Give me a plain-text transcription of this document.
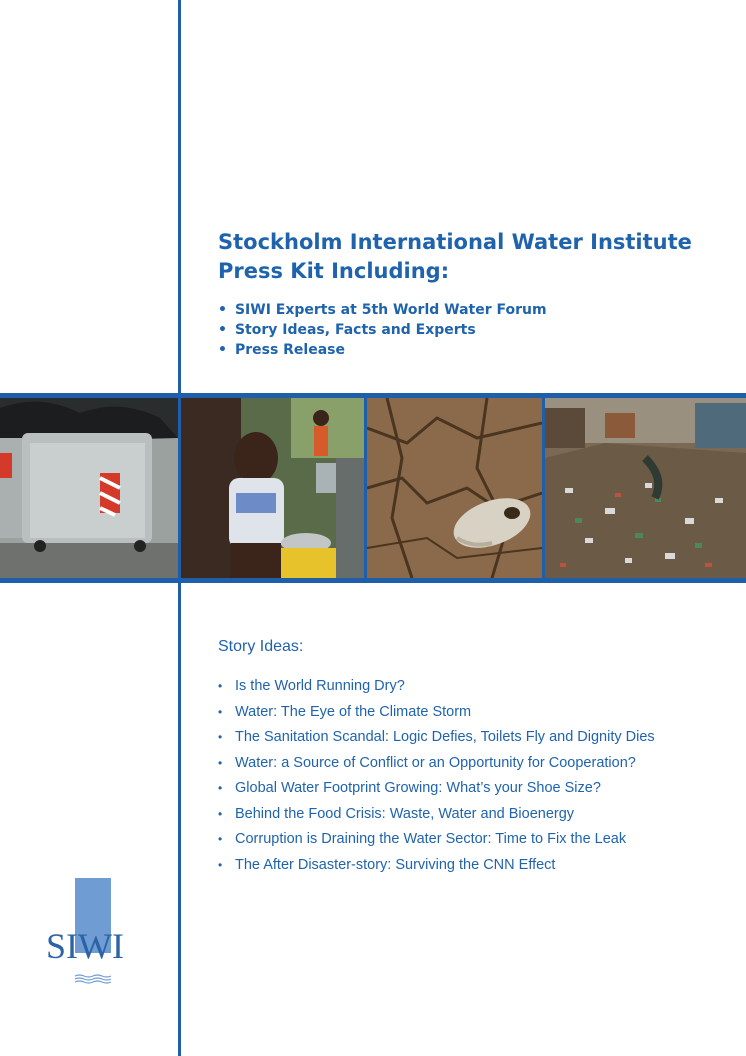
Stockholm International Water Institute
Press Kit Including:
• SIWI Experts at 5th World Water Forum
• Story Ideas, Facts and Experts
• Press Release
Story Ideas:
• Is the World Running Dry?
• Water: The Eye of the Climate Storm
• The Sanitation Scandal: Logic Defies, Toilets Fly and Dignity Dies
• Water: a Source of Conflict or an Opportunity for Cooperation?
• Global Water Footprint Growing: What’s your Shoe Size?
• Behind the Food Crisis: Waste, Water and Bioenergy
• Corruption is Draining the Water Sector: Time to Fix the Leak
• The After Disaster-story: Surviving the CNN Effect
SIWI
